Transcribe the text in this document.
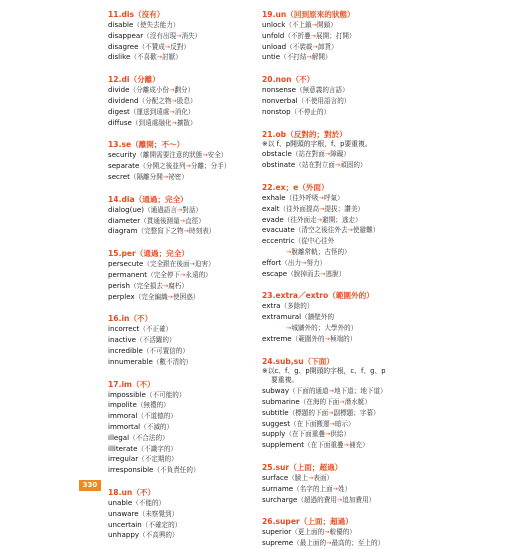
11.dis（沒有）
disable（使失去能力）
disappear（沒有出現→消失）
disagree（不贊成→反對）
dislike（不喜歡→討厭）
12.di（分離）
divide（分離成小份→劃分）
dividend（分配之物→股息）
digest（運送到遠處→消化）
diffuse（到遠處融化→擴散）
13.se（離開；不～）
security（離開需要注意的狀態→安全）
separate（分開之後並列→分離；分手）
secret（隔離分開→祕密）
14.dia（通過；完全）
dialog(ue)（通過語言→對話）
diameter（貫通後測量→直徑）
diagram（完整寫下之物→時刻表）
15.per（通過；完全）
persecute（完全跟在後面→迫害）
permanent（完全停下→永遠的）
perish（完全損去→腐朽）
perplex（完全編織→使困惑）
16.in（不）
incorrect（不正確）
inactive（不活躍的）
incredible（不可置信的）
innumerable（數不清的）
17.im（不）
impossible（不可能的）
impolite（無禮的）
immoral（不道德的）
immortal（不滅的）
illegal（不合法的）
illiterate（不識字的）
irregular（不定期的）
irresponsible（不負責任的）
18.un（不）
unable（不能的）
unaware（未察覺到）
uncertain（不確定的）
unhappy（不高興的）
19.un（回到原來的狀態）
unlock（不上鎖→開鎖）
unfold（不折疊→展開；打開）
unload（不裝載→卸貨）
untie（不打結→解開）
20.non（不）
nonsense（無意義的言語）
nonverbal（不使用語言的）
nonstop（不停止的）
21.ob（反對的；對於）
※以 f、p開頭的字根，f、p要重複。
obstacle（站在對面→障礙）
obstinate（站在對立面→頑固的）
22.ex；e（外面）
exhale（往外呼吸→呼氣）
exalt（往外面提高→提拔；讚美）
evade（往外面走→避開；逃走）
evacuate（清空之後往外去→使避難）
eccentric（從中心往外
→脫離常軌；古怪的）
effort（出力→努力）
escape（脫掉而去→逃脫）
23.extra／extro（範圍外的）
extra（多餘的）
extramural（牆壁外的
→城牆外的；大學外的）
extreme（範圍外的→極端的）
24.sub,su（下面）
※以c、f、g、p開頭的字根，c、f、g、p
要重複。
subway（下面的通道→地下道；地下道）
submarine（在海的下面→潛水艇）
subtitle（標題的下面→副標題；字幕）
suggest（在下面搬運→暗示）
supply（在下面重疊→供給）
supplement（在下面重疊→補充）
25.sur（上面；超過）
surface（臉上→表面）
surname（名字的上面→姓）
surcharge（超過的費用→追加費用）
26.super（上面；超過）
superior（更上面的→較優的）
supreme（最上面的→最高的；至上的）
330
